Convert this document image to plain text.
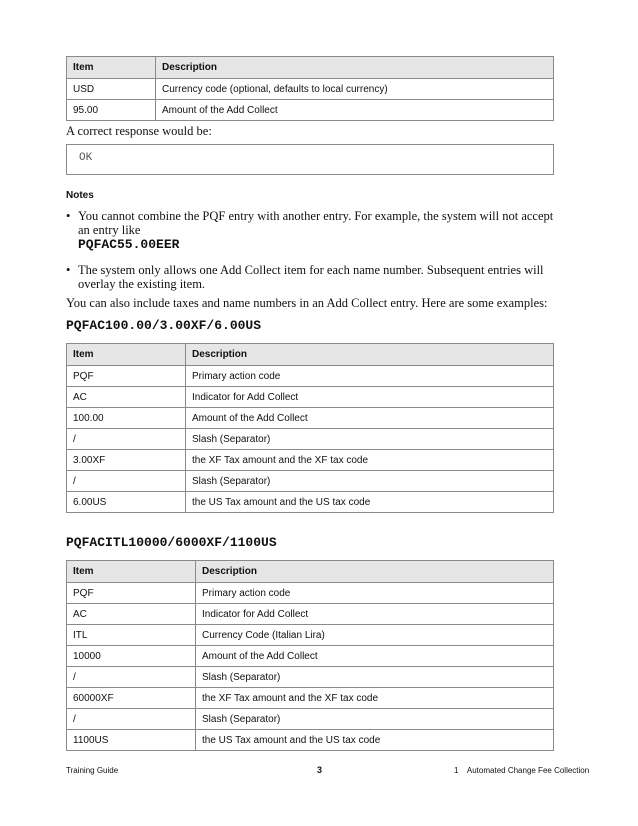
Item	Description
USD	Currency code (optional, defaults to local currency)
95.00	Amount of the Add Collect
A correct response would be:
OK
Notes
• You cannot combine the PQF entry with another entry. For example, the system will not accept an entry like
PQFAC55.00EER
• The system only allows one Add Collect item for each name number. Subsequent entries will overlay the existing item.
You can also include taxes and name numbers in an Add Collect entry. Here are some examples:
PQFAC100.00/3.00XF/6.00US
Item	Description
PQF	Primary action code
AC	Indicator for Add Collect
100.00	Amount of the Add Collect
/	Slash (Separator)
3.00XF	the XF Tax amount and the XF tax code
/	Slash (Separator)
6.00US	the US Tax amount and the US tax code
PQFACITL10000/6000XF/1100US
Item	Description
PQF	Primary action code
AC	Indicator for Add Collect
ITL	Currency Code (Italian Lira)
10000	Amount of the Add Collect
/	Slash (Separator)
60000XF	the XF Tax amount and the XF tax code
/	Slash (Separator)
1100US	the US Tax amount and the US tax code
Training Guide	3	1    Automated Change Fee Collection
